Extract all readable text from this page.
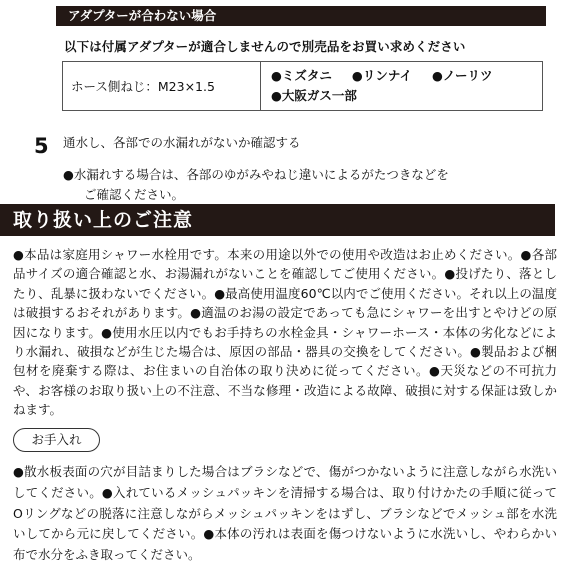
アダプターが合わない場合
以下は付属アダプターが適合しませんので別売品をお買い求めください
ホース側ねじ：M23×1.5
●ミズタニ ●リンナイ ●ノーリツ
●大阪ガス一部
5 通水し、各部での水漏れがないか確認する
●水漏れする場合は、各部のゆがみやねじ違いによるがたつきなどを
ご確認ください。
取り扱い上のご注意
●本品は家庭用シャワー水栓用です。本来の用途以外での使用や改造はお止めください。●各部品サイズの適合確認と水、お湯漏れがないことを確認してご使用ください。●投げたり、落としたり、乱暴に扱わないでください。●最高使用温度60℃以内でご使用ください。それ以上の温度は破損するおそれがあります。●適温のお湯の設定であっても急にシャワーを出すとやけどの原因になります。●使用水圧以内でもお手持ちの水栓金具・シャワーホース・本体の劣化などにより水漏れ、破損などが生じた場合は、原因の部品・器具の交換をしてください。●製品および梱包材を廃棄する際は、お住まいの自治体の取り決めに従ってください。●天災などの不可抗力や、お客様のお取り扱い上の不注意、不当な修理・改造による故障、破損に対する保証は致しかねます。
お手入れ
●散水板表面の穴が目詰まりした場合はブラシなどで、傷がつかないように注意しながら水洗いしてください。●入れているメッシュパッキンを清掃する場合は、取り付けかたの手順に従ってOリングなどの脱落に注意しながらメッシュパッキンをはずし、ブラシなどでメッシュ部を水洗いしてから元に戻してください。●本体の汚れは表面を傷つけないように水洗いし、やわらかい布で水分をふき取ってください。
